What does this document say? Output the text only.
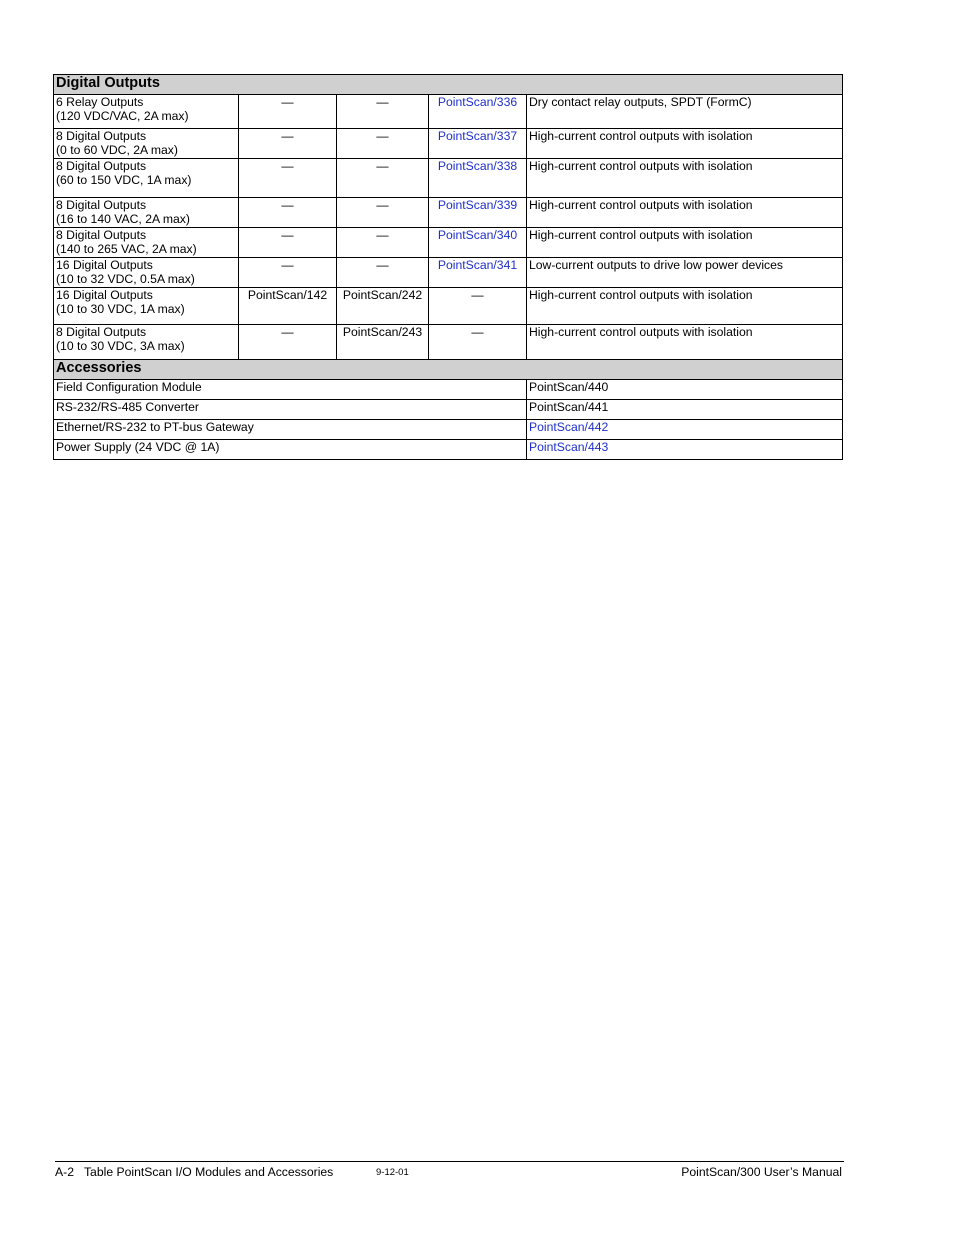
Digital Outputs				
6 Relay Outputs
(120 VDC/VAC, 2A max)	—	—	PointScan/336	Dry contact relay outputs, SPDT (FormC)
8 Digital Outputs
(0 to 60 VDC, 2A max)	—	—	PointScan/337	High-current control outputs with isolation
8 Digital Outputs
(60 to 150 VDC, 1A max)	—	—	PointScan/338	High-current control outputs with isolation
8 Digital Outputs
(16 to 140 VAC, 2A max)	—	—	PointScan/339	High-current control outputs with isolation
8 Digital Outputs
(140 to 265 VAC, 2A max)	—	—	PointScan/340	High-current control outputs with isolation
16 Digital Outputs
(10 to 32 VDC, 0.5A max)	—	—	PointScan/341	Low-current outputs to drive low power devices
16 Digital Outputs
(10 to 30 VDC, 1A max)	PointScan/142	PointScan/242	—	High-current control outputs with isolation
8 Digital Outputs
(10 to 30 VDC, 3A max)	—	PointScan/243	—	High-current control outputs with isolation
Accessories				
Field Configuration Module				PointScan/440
RS-232/RS-485 Converter				PointScan/441
Ethernet/RS-232 to PT-bus Gateway				PointScan/442
Power Supply (24 VDC @ 1A)				PointScan/443
A-2 Table PointScan I/O Modules and Accessories	9-12-01	PointScan/300 User’s Manual
